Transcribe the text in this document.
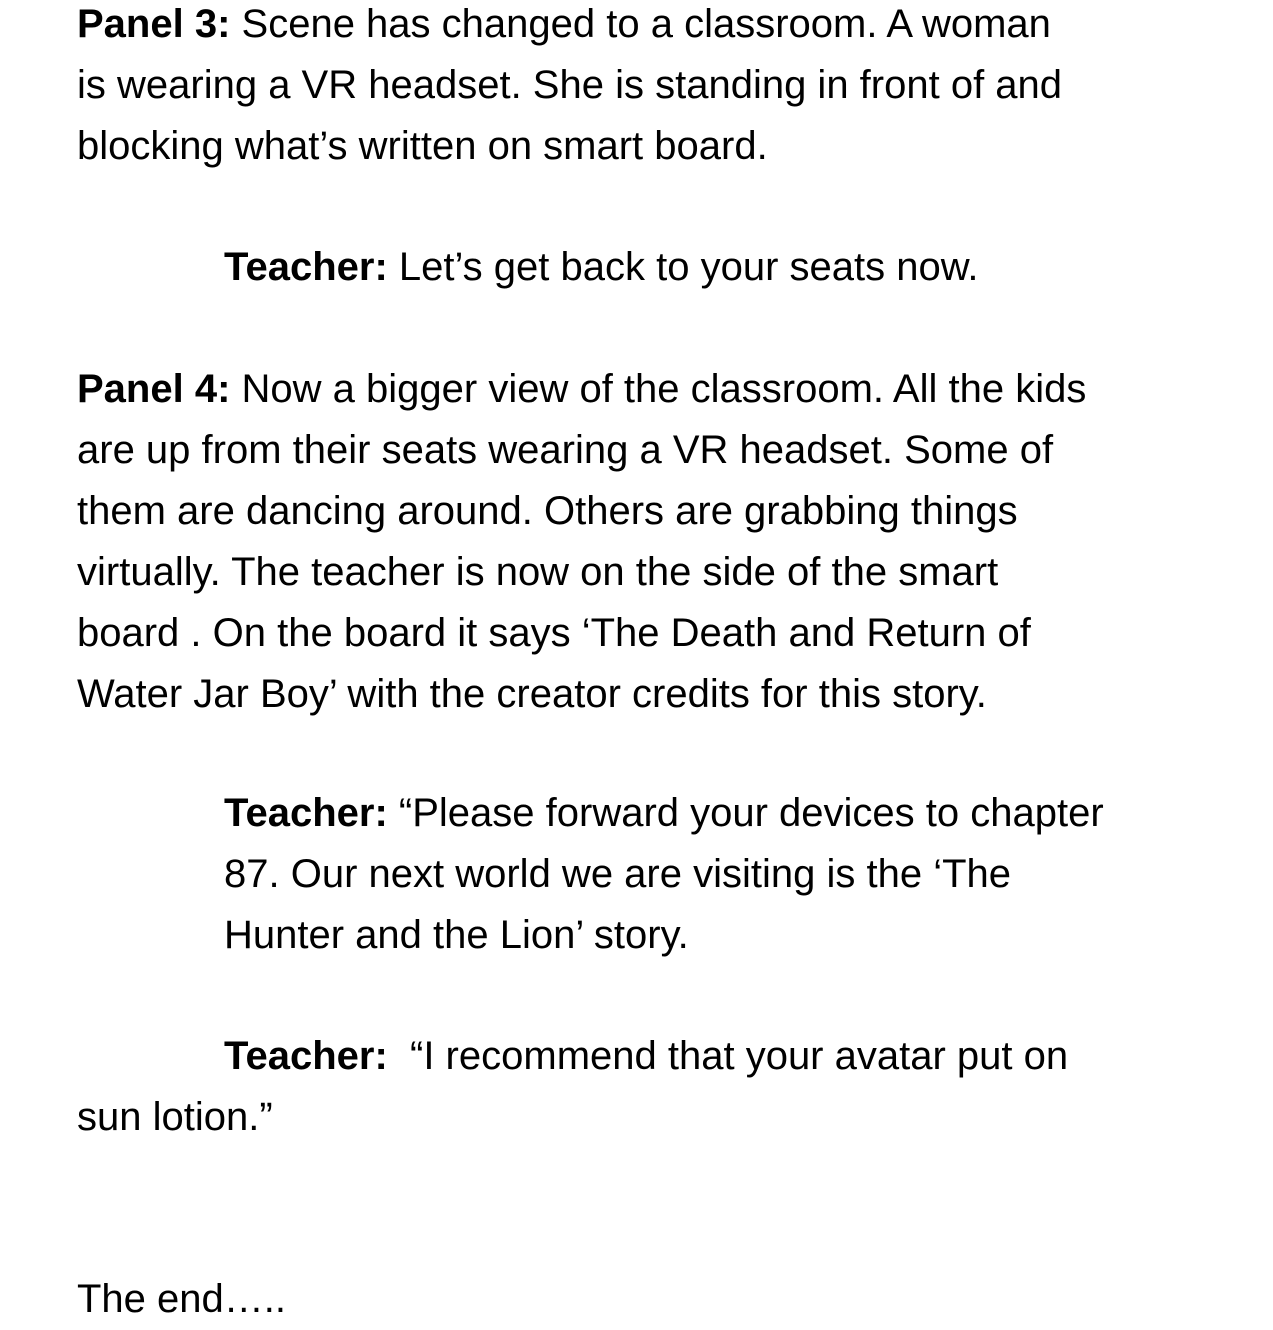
Panel 3: Scene has changed to a classroom. A woman
is wearing a VR headset. She is standing in front of and
blocking what’s written on smart board.

Teacher: Let’s get back to your seats now.

Panel 4: Now a bigger view of the classroom. All the kids
are up from their seats wearing a VR headset. Some of
them are dancing around. Others are grabbing things
virtually. The teacher is now on the side of the smart
board . On the board it says ‘The Death and Return of
Water Jar Boy’ with the creator credits for this story.

Teacher: “Please forward your devices to chapter
87. Our next world we are visiting is the ‘The
Hunter and the Lion’ story.

Teacher:  “I recommend that your avatar put on
sun lotion.”

The end…..
